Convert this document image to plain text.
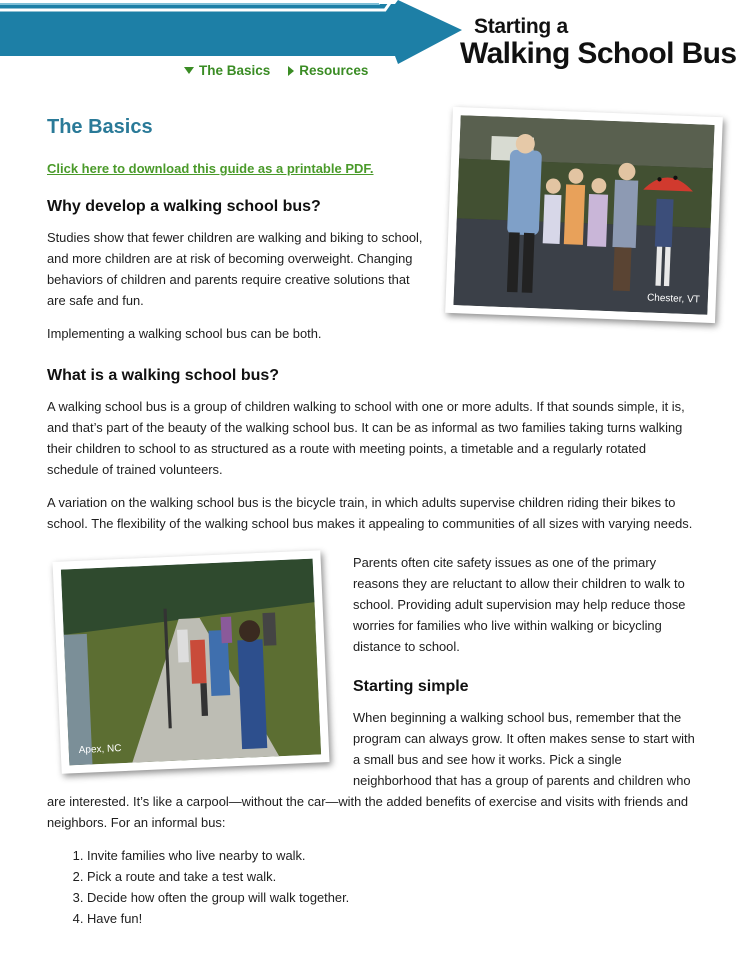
Starting a
Walking School Bus
The Basics Resources
Chester, VT
The Basics
Click here to download this guide as a printable PDF.
Why develop a walking school bus?

Studies show that fewer children are walking and biking to school, and more children are at risk of becoming overweight. Changing behaviors of children and parents require creative solutions that are safe and fun.

Implementing a walking school bus can be both.

What is a walking school bus?

A walking school bus is a group of children walking to school with one or more adults. If that sounds simple, it is, and that’s part of the beauty of the walking school bus. It can be as informal as two families taking turns walking their children to school to as structured as a route with meeting points, a timetable and a regularly rotated schedule of trained volunteers.

A variation on the walking school bus is the bicycle train, in which adults supervise children riding their bikes to school. The flexibility of the walking school bus makes it appealing to communities of all sizes with varying needs.

Apex, NC

Parents often cite safety issues as one of the primary reasons they are reluctant to allow their children to walk to school. Providing adult supervision may help reduce those worries for families who live within walking or bicycling distance to school.

Starting simple

When beginning a walking school bus, remember that the program can always grow. It often makes sense to start with a small bus and see how it works. Pick a single neighborhood that has a group of parents and children who are interested. It’s like a carpool—without the car—with the added benefits of exercise and visits with friends and neighbors. For an informal bus:

1. Invite families who live nearby to walk.
2. Pick a route and take a test walk.
3. Decide how often the group will walk together.
4. Have fun!
